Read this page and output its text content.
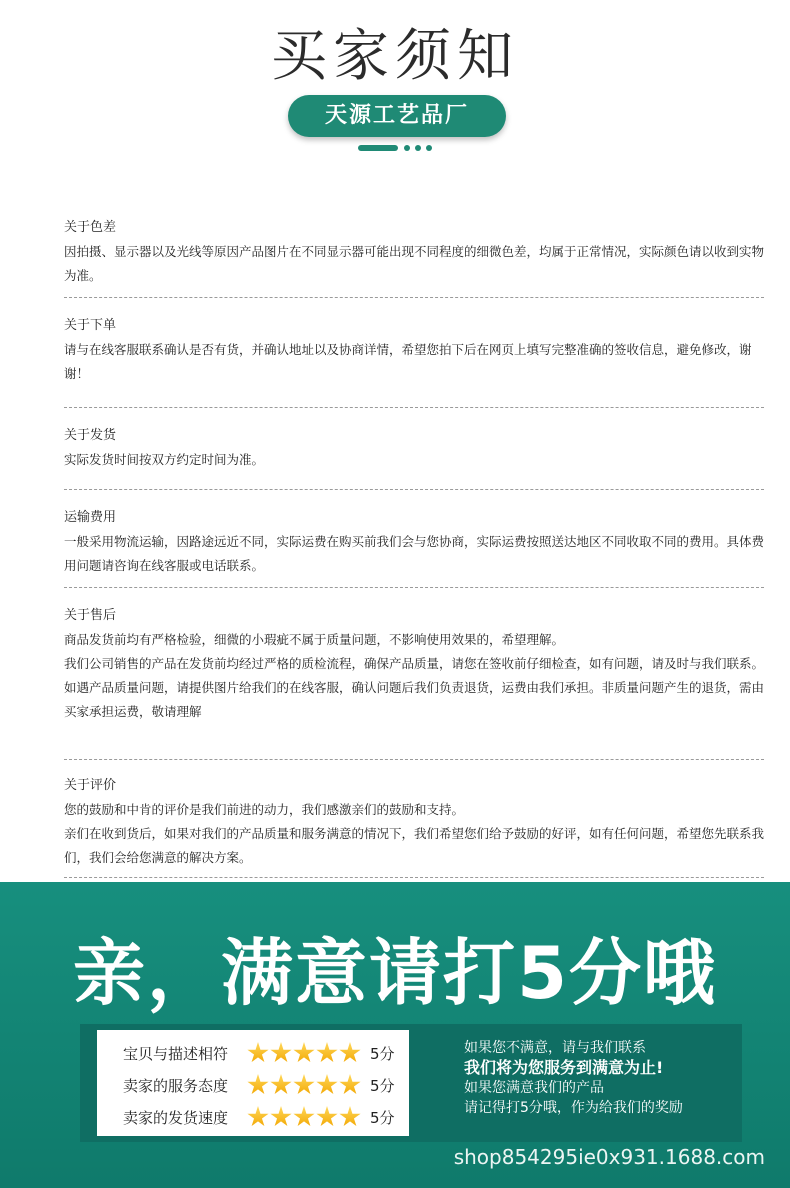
买家须知
天源工艺品厂
关于色差

因拍摄、显示器以及光线等原因产品图片在不同显示器可能出现不同程度的细微色差，均属于正常情况，实际颜色请以收到实物为准。

关于下单

请与在线客服联系确认是否有货，并确认地址以及协商详情，希望您拍下后在网页上填写完整准确的签收信息，避免修改，谢谢！

关于发货

实际发货时间按双方约定时间为准。

运输费用

一般采用物流运输，因路途远近不同，实际运费在购买前我们会与您协商，实际运费按照送达地区不同收取不同的费用。具体费用问题请咨询在线客服或电话联系。

关于售后

商品发货前均有严格检验，细微的小瑕疵不属于质量问题，不影响使用效果的，希望理解。

我们公司销售的产品在发货前均经过严格的质检流程，确保产品质量，请您在签收前仔细检查，如有问题，请及时与我们联系。

如遇产品质量问题，请提供图片给我们的在线客服，确认问题后我们负责退货，运费由我们承担。非质量问题产生的退货，需由买家承担运费，敬请理解

关于评价

您的鼓励和中肯的评价是我们前进的动力，我们感激亲们的鼓励和支持。

亲们在收到货后，如果对我们的产品质量和服务满意的情况下，我们希望您们给予鼓励的好评，如有任何问题，希望您先联系我们，我们会给您满意的解决方案。

亲，满意请打5分哦
宝贝与描述相符	5分
卖家的服务态度	5分
卖家的发货速度	5分
如果您不满意，请与我们联系
我们将为您服务到满意为止!
如果您满意我们的产品
请记得打5分哦，作为给我们的奖励
shop854295ie0x931.1688.com
